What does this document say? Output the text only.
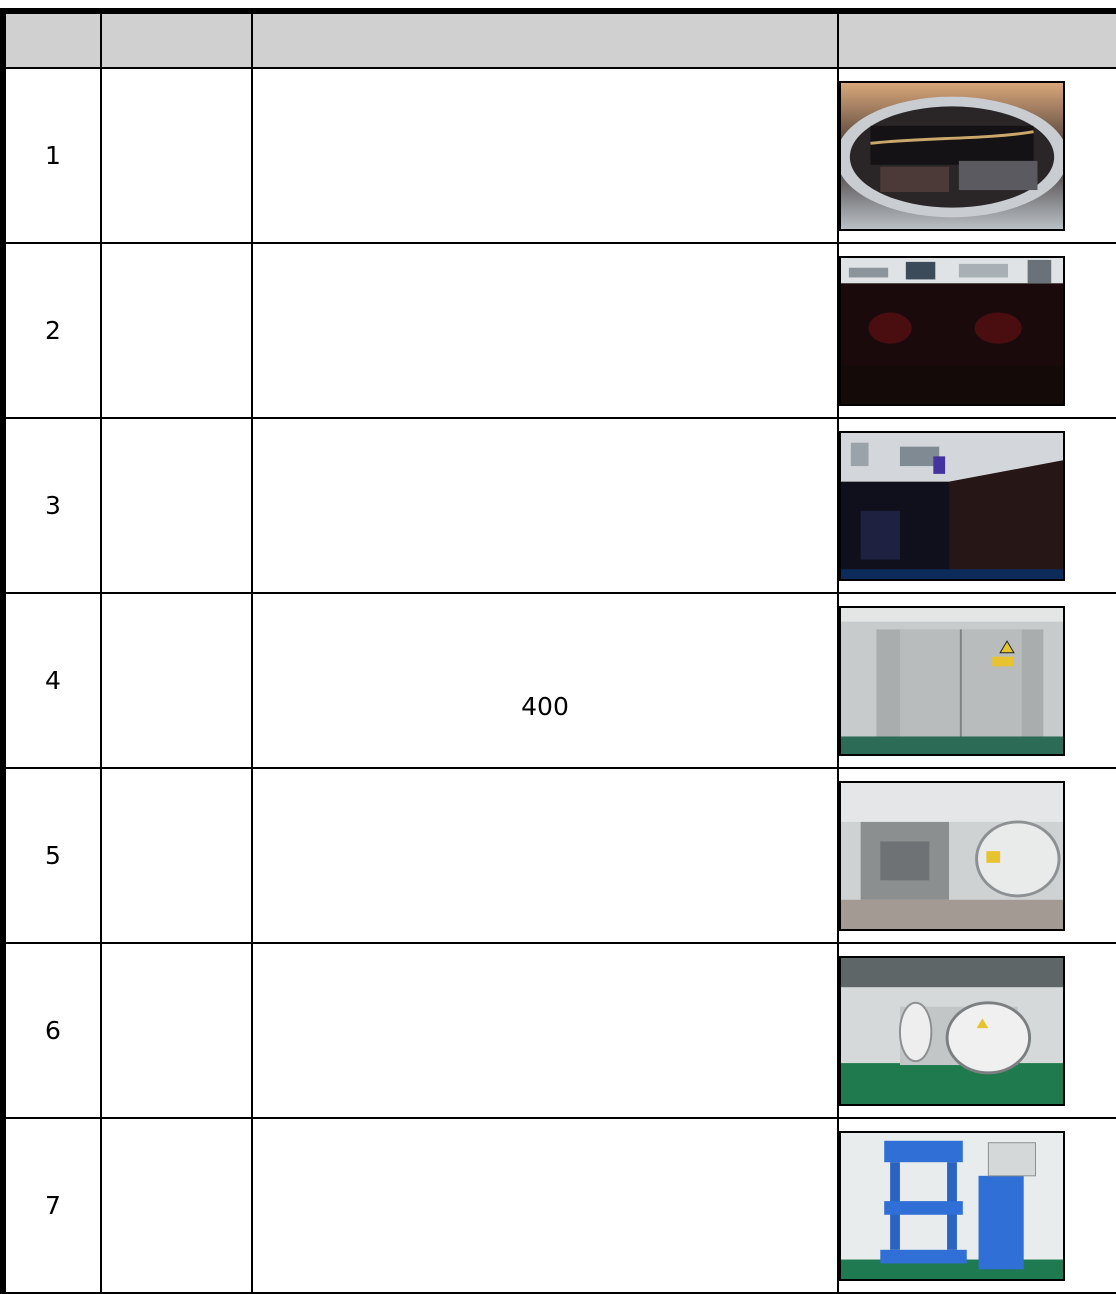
1		

2		

3		

4		400

5		

6		

7		
